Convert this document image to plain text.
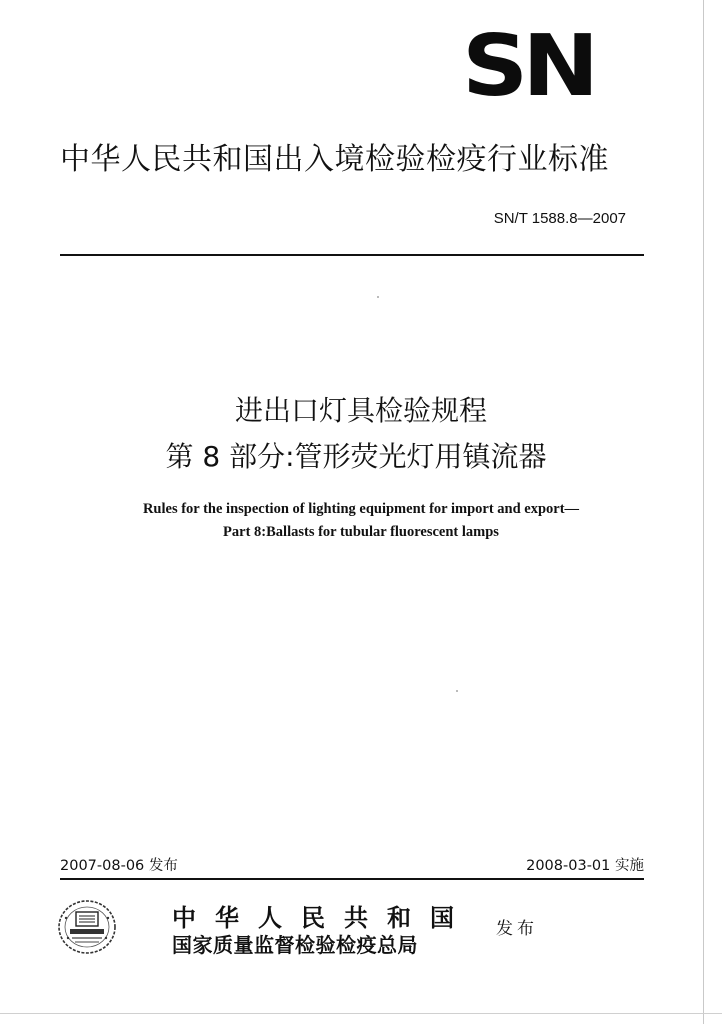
SN
中华人民共和国出入境检验检疫行业标准
SN/T 1588.8—2007
进出口灯具检验规程
第 8 部分:管形荧光灯用镇流器
Rules for the inspection of lighting equipment for import and export—
Part 8:Ballasts for tubular fluorescent lamps
2007-08-06 发布	2008-03-01 实施
中华人民共和国
国家质量监督检验检疫总局
发布
